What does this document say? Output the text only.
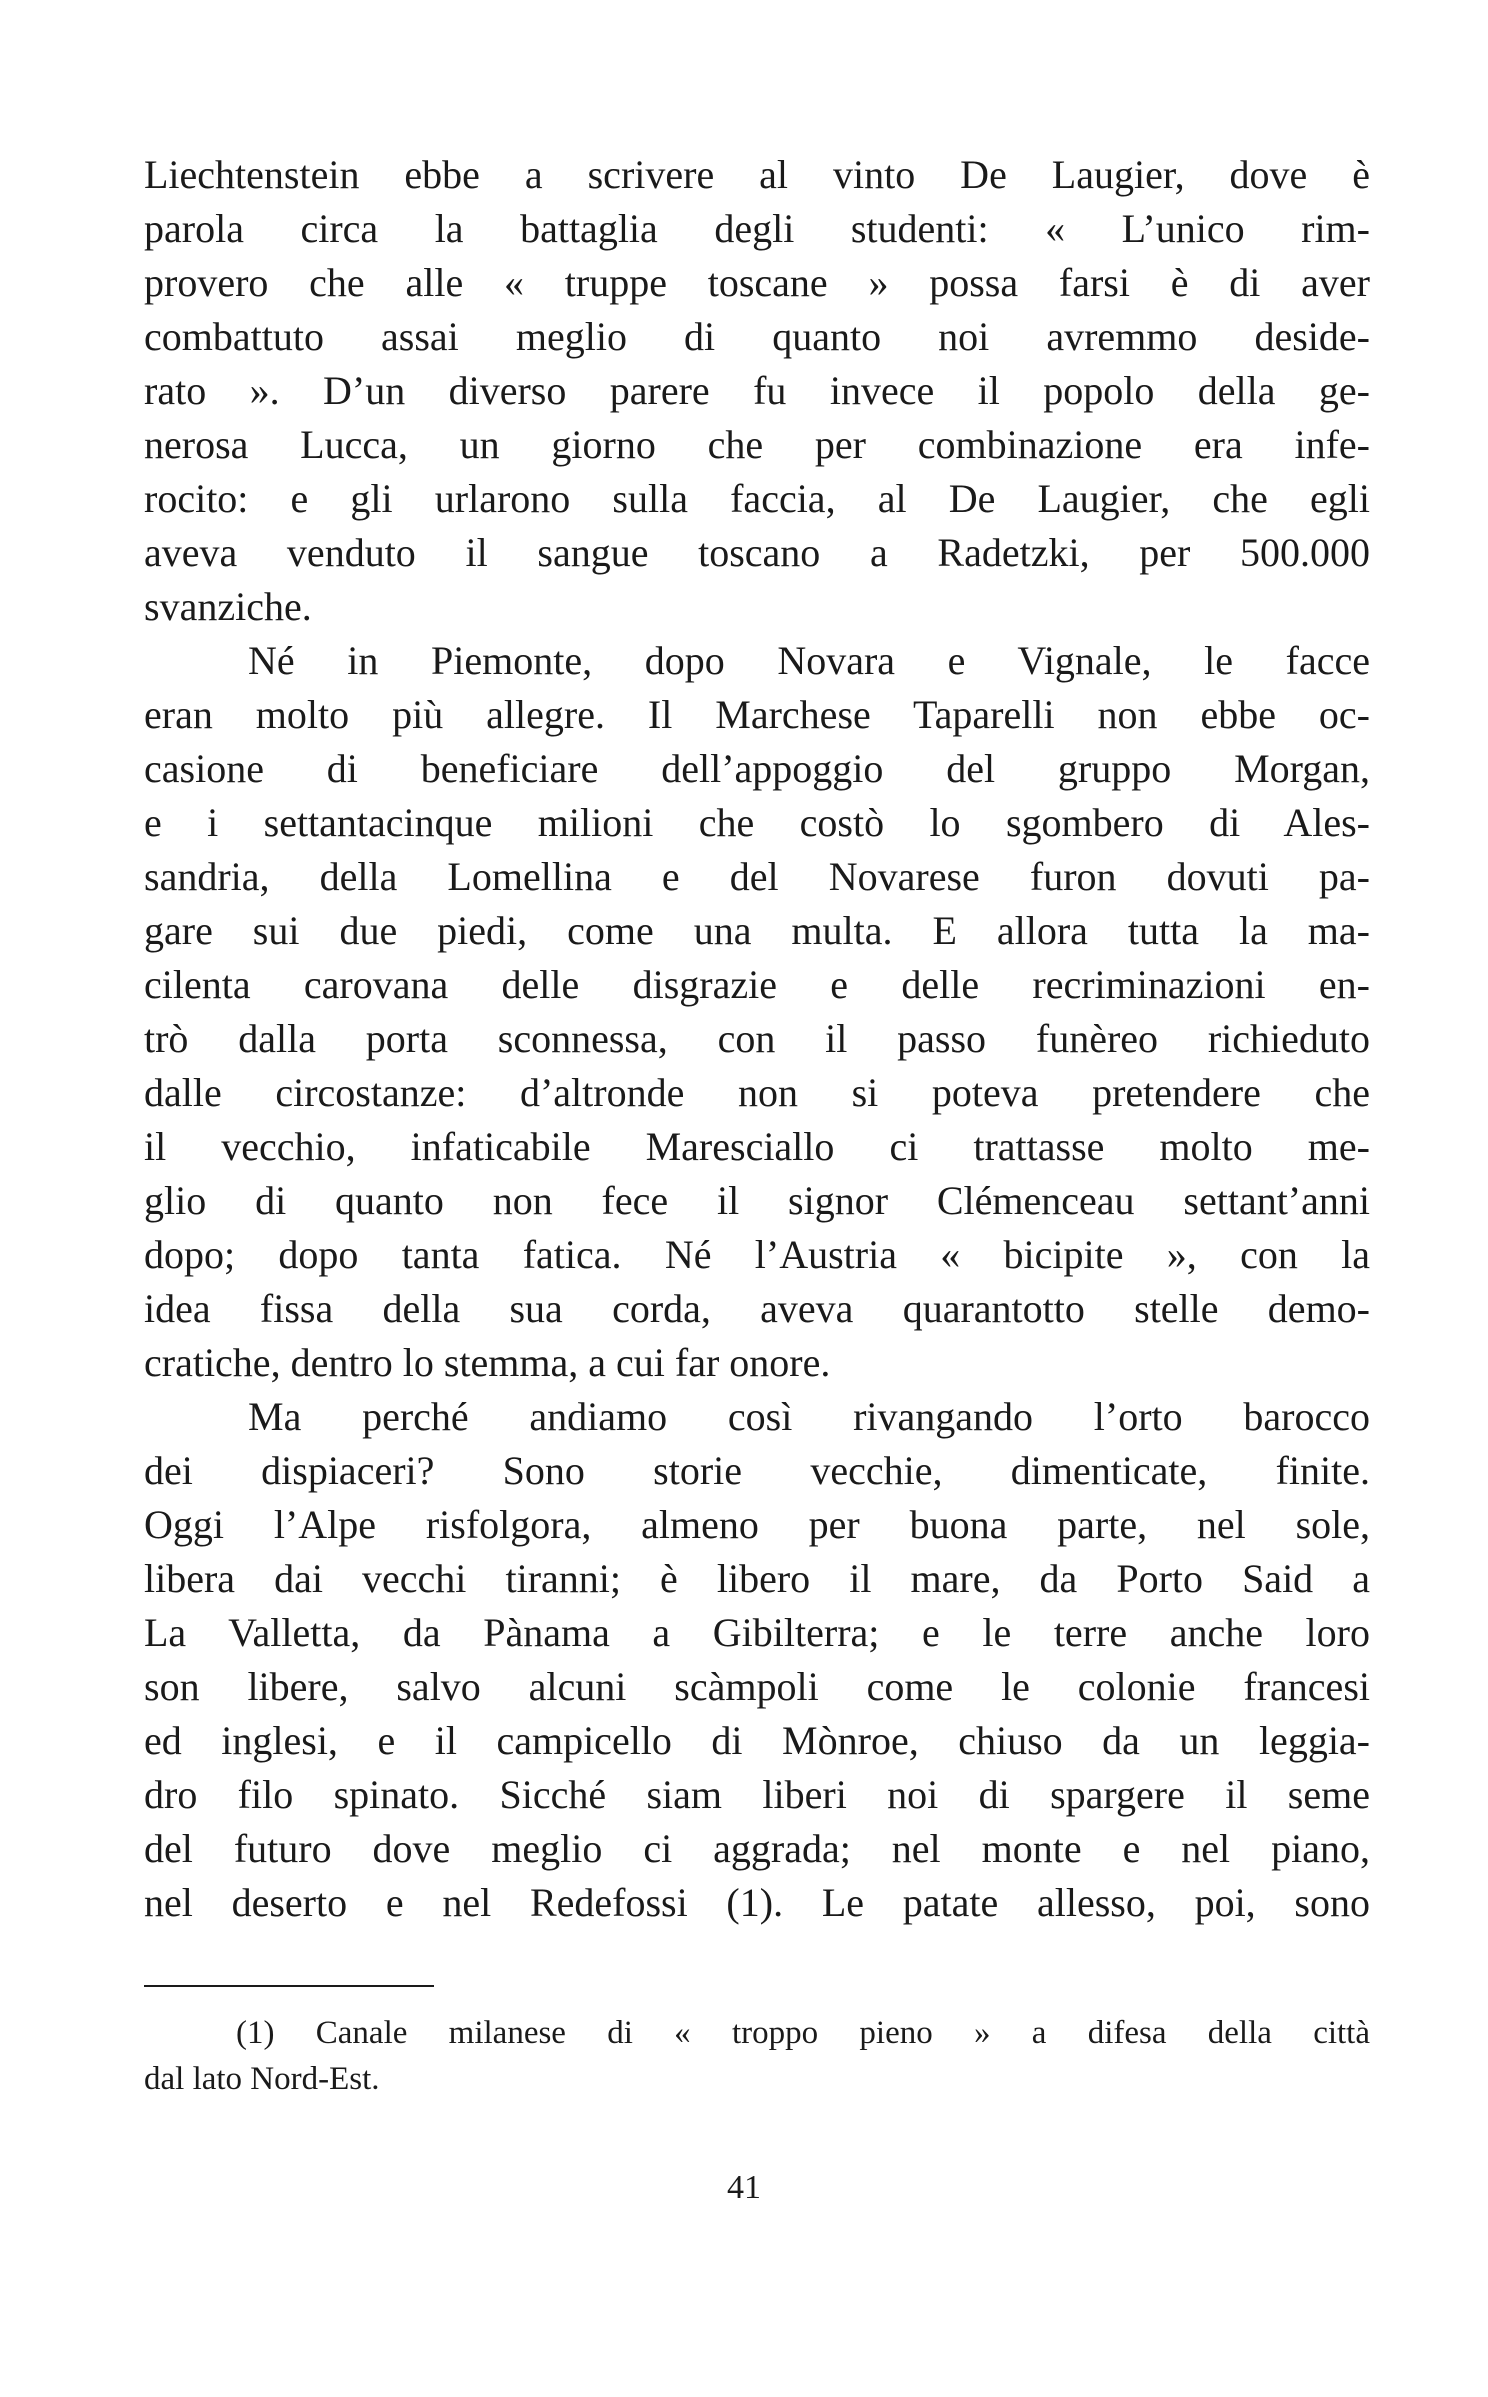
Liechtenstein ebbe a scrivere al vinto De Laugier, dove è
parola circa la battaglia degli studenti: « L’unico rim-
provero che alle « truppe toscane » possa farsi è di aver
combattuto assai meglio di quanto noi avremmo deside-
rato ». D’un diverso parere fu invece il popolo della ge-
nerosa Lucca, un giorno che per combinazione era infe-
rocito: e gli urlarono sulla faccia, al De Laugier, che egli
aveva venduto il sangue toscano a Radetzki, per 500.000
svanziche.
Né in Piemonte, dopo Novara e Vignale, le facce
eran molto più allegre. Il Marchese Taparelli non ebbe oc-
casione di beneficiare dell’appoggio del gruppo Morgan,
e i settantacinque milioni che costò lo sgombero di Ales-
sandria, della Lomellina e del Novarese furon dovuti pa-
gare sui due piedi, come una multa. E allora tutta la ma-
cilenta carovana delle disgrazie e delle recriminazioni en-
trò dalla porta sconnessa, con il passo funèreo richieduto
dalle circostanze: d’altronde non si poteva pretendere che
il vecchio, infaticabile Maresciallo ci trattasse molto me-
glio di quanto non fece il signor Clémenceau settant’anni
dopo; dopo tanta fatica. Né l’Austria « bicipite », con la
idea fissa della sua corda, aveva quarantotto stelle demo-
cratiche, dentro lo stemma, a cui far onore.
Ma perché andiamo così rivangando l’orto barocco
dei dispiaceri? Sono storie vecchie, dimenticate, finite.
Oggi l’Alpe risfolgora, almeno per buona parte, nel sole,
libera dai vecchi tiranni; è libero il mare, da Porto Said a
La Valletta, da Pànama a Gibilterra; e le terre anche loro
son libere, salvo alcuni scàmpoli come le colonie francesi
ed inglesi, e il campicello di Mònroe, chiuso da un leggia-
dro filo spinato. Sicché siam liberi noi di spargere il seme
del futuro dove meglio ci aggrada; nel monte e nel piano,
nel deserto e nel Redefossi (1). Le patate allesso, poi, sono
(1) Canale milanese di « troppo pieno » a difesa della città
dal lato Nord-Est.
41
